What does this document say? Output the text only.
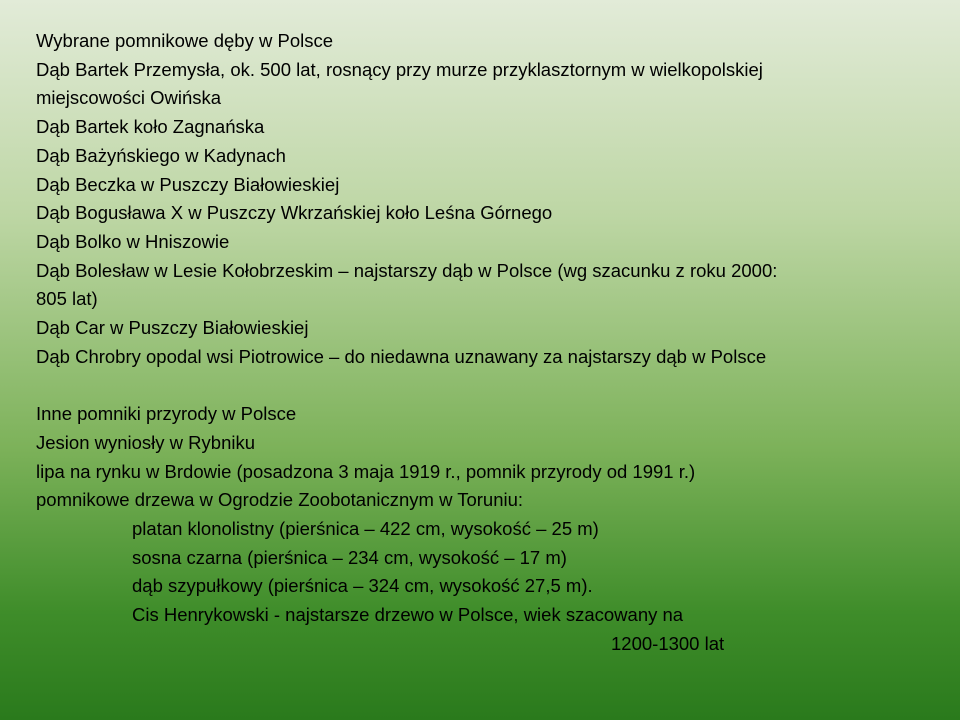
Wybrane pomnikowe dęby w Polsce
Dąb Bartek Przemysła, ok. 500 lat, rosnący przy murze przyklasztornym w wielkopolskiej
miejscowości Owińska
Dąb Bartek koło Zagnańska
Dąb Bażyńskiego w Kadynach
Dąb Beczka w Puszczy Białowieskiej
Dąb Bogusława X w Puszczy Wkrzańskiej koło Leśna Górnego
Dąb Bolko w Hniszowie
Dąb Bolesław w Lesie Kołobrzeskim – najstarszy dąb w Polsce (wg szacunku z roku 2000:
805 lat)
Dąb Car w Puszczy Białowieskiej
Dąb Chrobry opodal wsi Piotrowice – do niedawna uznawany za najstarszy dąb w Polsce
Inne pomniki przyrody w Polsce
Jesion wyniosły w Rybniku
lipa na rynku w Brdowie (posadzona 3 maja 1919 r., pomnik przyrody od 1991 r.)
pomnikowe drzewa w Ogrodzie Zoobotanicznym w Toruniu:
platan klonolistny (pierśnica – 422 cm, wysokość – 25 m)
sosna czarna (pierśnica – 234 cm, wysokość – 17 m)
dąb szypułkowy (pierśnica – 324 cm, wysokość 27,5 m).
Cis Henrykowski - najstarsze drzewo w Polsce, wiek szacowany na
1200-1300 lat
